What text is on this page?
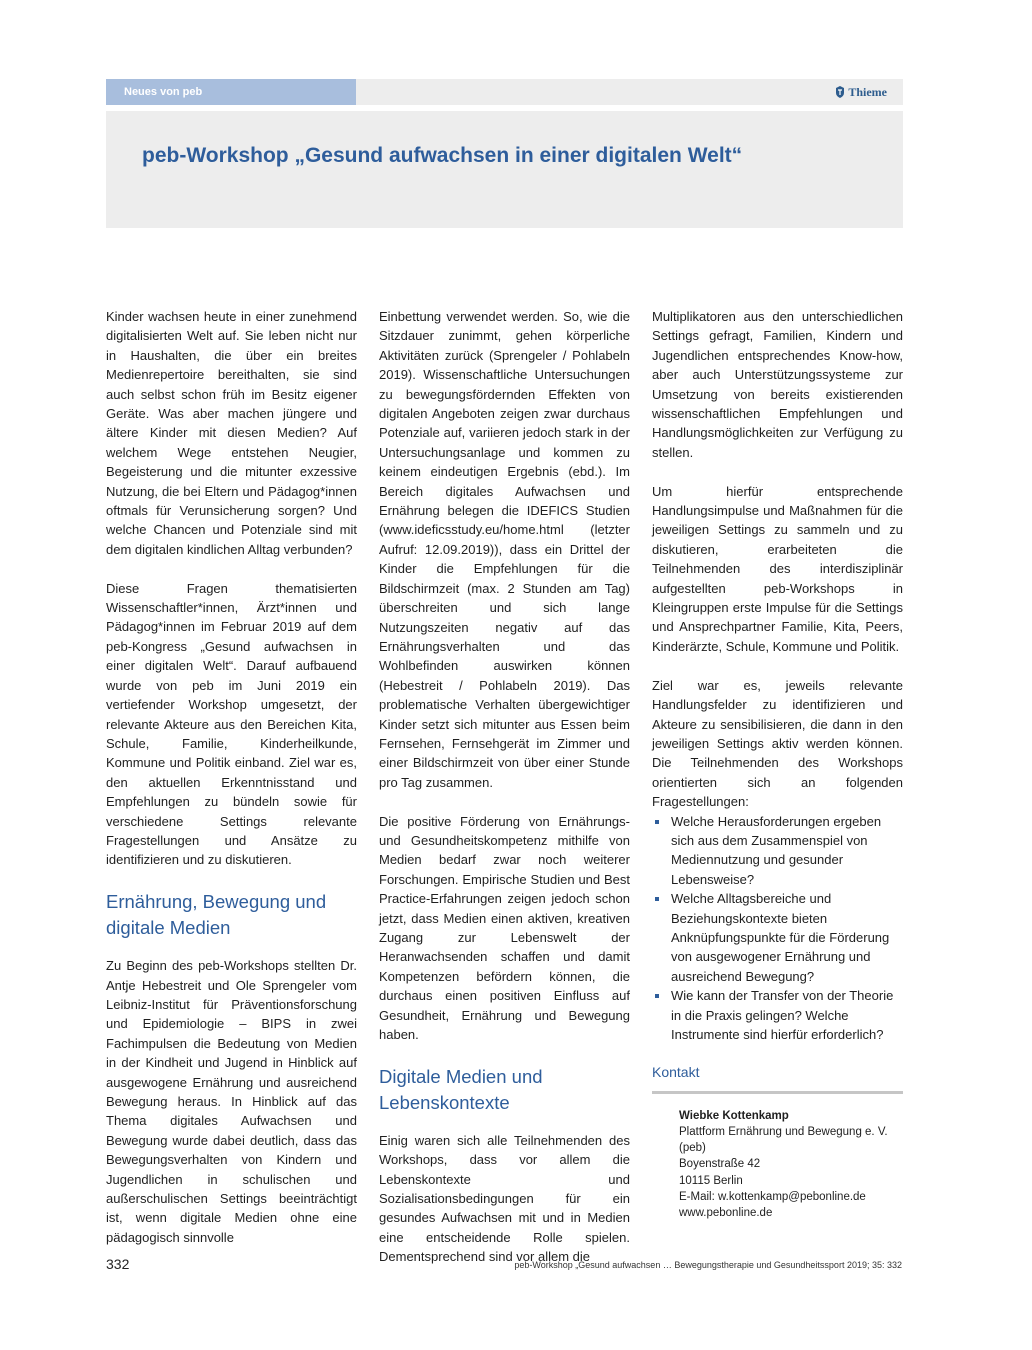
Neues von peb	Thieme
peb-Workshop „Gesund aufwachsen in einer digitalen Welt“

Kinder wachsen heute in einer zunehmend digitalisierten Welt auf. Sie leben nicht nur in Haushalten, die über ein breites Medienrepertoire bereithalten, sie sind auch selbst schon früh im Besitz eigener Geräte. Was aber machen jüngere und ältere Kinder mit diesen Medien? Auf welchem Wege entstehen Neugier, Begeisterung und die mitunter exzessive Nutzung, die bei Eltern und Pädagog*innen oftmals für Verunsicherung sorgen? Und welche Chancen und Potenziale sind mit dem digitalen kindlichen Alltag verbunden?

Diese Fragen thematisierten Wissenschaftler*innen, Ärzt*innen und Pädagog*innen im Februar 2019 auf dem peb-Kongress „Gesund aufwachsen in einer digitalen Welt“. Darauf aufbauend wurde von peb im Juni 2019 ein vertiefender Workshop umgesetzt, der relevante Akteure aus den Bereichen Kita, Schule, Familie, Kinderheilkunde, Kommune und Politik einband. Ziel war es, den aktuellen Erkenntnisstand und Empfehlungen zu bündeln sowie für verschiedene Settings relevante Fragestellungen und Ansätze zu identifizieren und zu diskutieren.

Ernährung, Bewegung und digitale Medien

Zu Beginn des peb-Workshops stellten Dr. Antje Hebestreit und Ole Sprengeler vom Leibniz-Institut für Präventionsforschung und Epidemiologie – BIPS in zwei Fachimpulsen die Bedeutung von Medien in der Kindheit und Jugend in Hinblick auf ausgewogene Ernährung und ausreichend Bewegung heraus. In Hinblick auf das Thema digitales Aufwachsen und Bewegung wurde dabei deutlich, dass das Bewegungsverhalten von Kindern und Jugendlichen in schulischen und außerschulischen Settings beeinträchtigt ist, wenn digitale Medien ohne eine pädagogisch sinnvolle

Einbettung verwendet werden. So, wie die Sitzdauer zunimmt, gehen körperliche Aktivitäten zurück (Sprengeler / Pohlabeln 2019). Wissenschaftliche Untersuchungen zu bewegungsfördernden Effekten von digitalen Angeboten zeigen zwar durchaus Potenziale auf, variieren jedoch stark in der Untersuchungsanlage und kommen zu keinem eindeutigen Ergebnis (ebd.). Im Bereich digitales Aufwachsen und Ernährung belegen die IDEFICS Studien (www.ideficsstudy.eu/home.html (letzter Aufruf: 12.09.2019)), dass ein Drittel der Kinder die Empfehlungen für die Bildschirmzeit (max. 2 Stunden am Tag) überschreiten und sich lange Nutzungszeiten negativ auf das Ernährungsverhalten und das Wohlbefinden auswirken können (Hebestreit / Pohlabeln 2019). Das problematische Verhalten übergewichtiger Kinder setzt sich mitunter aus Essen beim Fernsehen, Fernsehgerät im Zimmer und einer Bildschirmzeit von über einer Stunde pro Tag zusammen.

Die positive Förderung von Ernährungs- und Gesundheitskompetenz mithilfe von Medien bedarf zwar noch weiterer Forschungen. Empirische Studien und Best Practice-Erfahrungen zeigen jedoch schon jetzt, dass Medien einen aktiven, kreativen Zugang zur Lebenswelt der Heranwachsenden schaffen und damit Kompetenzen befördern können, die durchaus einen positiven Einfluss auf Gesundheit, Ernährung und Bewegung haben.

Digitale Medien und Lebenskontexte

Einig waren sich alle Teilnehmenden des Workshops, dass vor allem die Lebenskontexte und Sozialisationsbedingungen für ein gesundes Aufwachsen mit und in Medien eine entscheidende Rolle spielen. Dementsprechend sind vor allem die

Multiplikatoren aus den unterschiedlichen Settings gefragt, Familien, Kindern und Jugendlichen entsprechendes Know-how, aber auch Unterstützungssysteme zur Umsetzung von bereits existierenden wissenschaftlichen Empfehlungen und Handlungsmöglichkeiten zur Verfügung zu stellen.

Um hierfür entsprechende Handlungsimpulse und Maßnahmen für die jeweiligen Settings zu sammeln und zu diskutieren, erarbeiteten die Teilnehmenden des interdisziplinär aufgestellten peb-Workshops in Kleingruppen erste Impulse für die Settings und Ansprechpartner Familie, Kita, Peers, Kinderärzte, Schule, Kommune und Politik.

Ziel war es, jeweils relevante Handlungsfelder zu identifizieren und Akteure zu sensibilisieren, die dann in den jeweiligen Settings aktiv werden können. Die Teilnehmenden des Workshops orientierten sich an folgenden Fragestellungen:

Welche Herausforderungen ergeben sich aus dem Zusammenspiel von Mediennutzung und gesunder Lebensweise?
Welche Alltagsbereiche und Beziehungskontexte bieten Anknüpfungspunkte für die Förderung von ausgewogener Ernährung und ausreichend Bewegung?
Wie kann der Transfer von der Theorie in die Praxis gelingen? Welche Instrumente sind hierfür erforderlich?
Kontakt
Wiebke Kottenkamp
Plattform Ernährung und Bewegung e. V. (peb)
Boyenstraße 42
10115 Berlin
E-Mail: w.kottenkamp@pebonline.de
www.pebonline.de
332	peb-Workshop „Gesund aufwachsen … Bewegungstherapie und Gesundheitssport 2019; 35: 332
